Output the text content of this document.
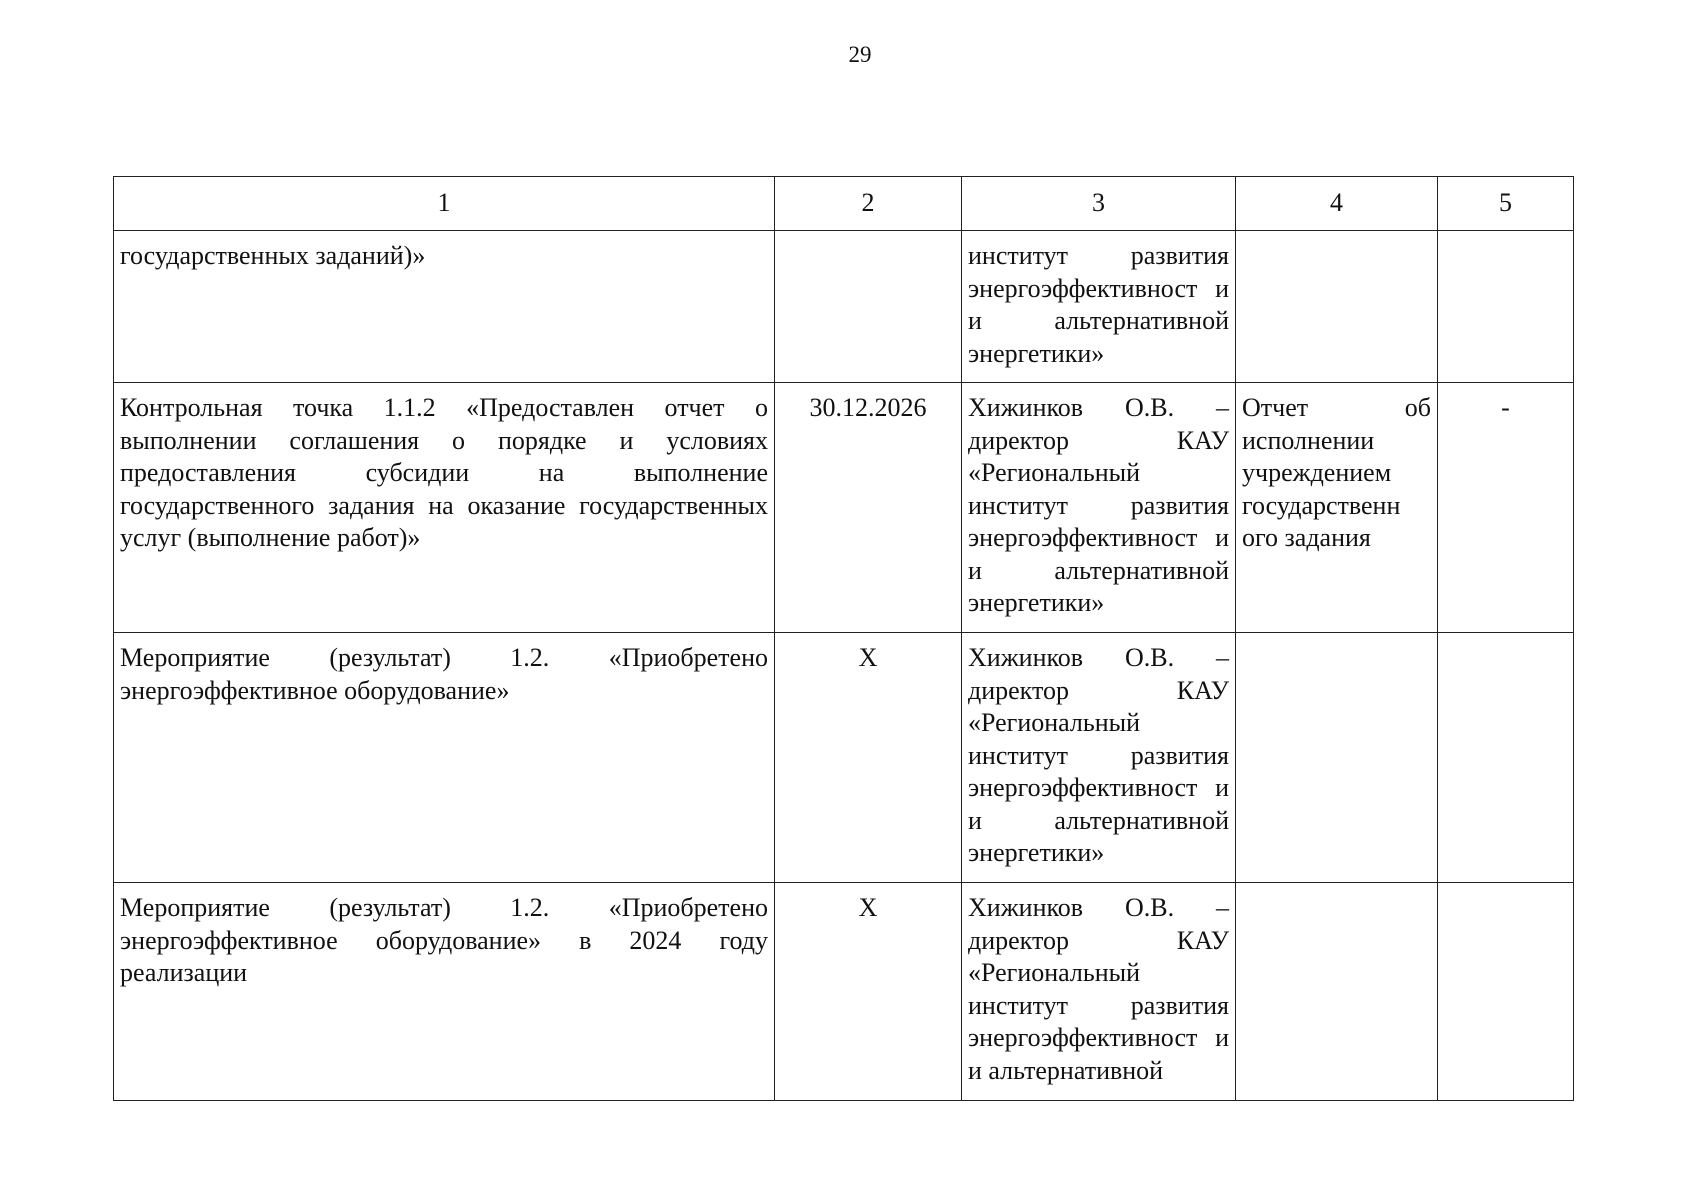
29
1	2	3	4	5
государственных заданий)»		институт развития энергоэффективност и и альтернативной энергетики»		
Контрольная точка 1.1.2 «Предоставлен отчет о выполнении соглашения о порядке и условиях предоставления субсидии на выполнение государственного задания на оказание государственных услуг (выполнение работ)»	30.12.2026	Хижинков О.В. – директор КАУ «Региональный институт развития энергоэффективност и и альтернативной энергетики»	Отчет об исполнении учреждением государственн ого задания	-
Мероприятие (результат) 1.2. «Приобретено энергоэффективное оборудование»	Х	Хижинков О.В. – директор КАУ «Региональный институт развития энергоэффективност и и альтернативной энергетики»		
Мероприятие (результат) 1.2. «Приобретено энергоэффективное оборудование» в 2024 году реализации	Х	Хижинков О.В. – директор КАУ «Региональный институт развития энергоэффективност и и альтернативной		
